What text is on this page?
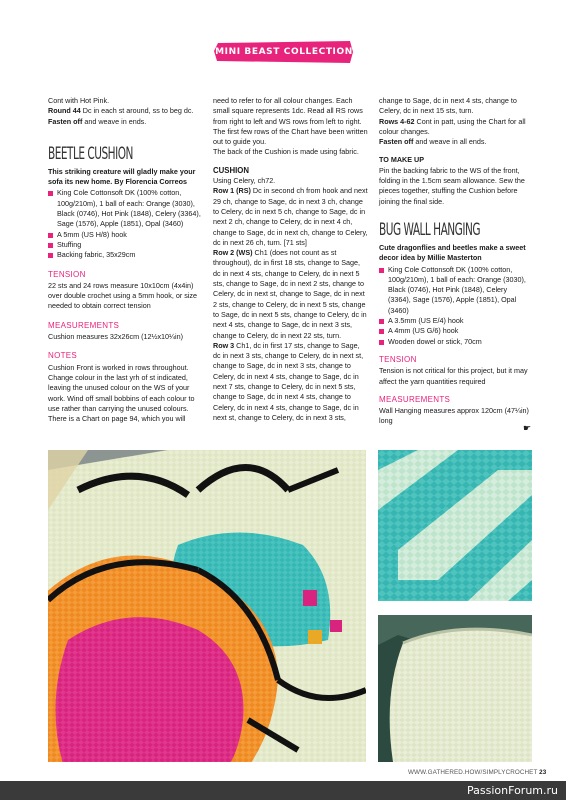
MINI BEAST COLLECTION

Cont with Hot Pink.

Round 44 Dc in each st around, ss to beg dc.

Fasten off and weave in ends.

BEETLE CUSHION

This striking creature will gladly make your sofa its new home. By Florencia Correos

King Cole Cottonsoft DK (100% cotton, 100g/210m), 1 ball of each: Orange (3030), Black (0746), Hot Pink (1848), Celery (3364), Sage (1576), Apple (1851), Opal (3460)
A 5mm (US H/8) hook
Stuffing
Backing fabric, 35x29cm
TENSION

22 sts and 24 rows measure 10x10cm (4x4in) over double crochet using a 5mm hook, or size needed to obtain correct tension

MEASUREMENTS

Cushion measures 32x26cm (12½x10¼in)

NOTES

Cushion Front is worked in rows throughout. Change colour in the last yrh of st indicated, leaving the unused colour on the WS of your work. Wind off small bobbins of each colour to use rather than carrying the unused colours. There is a Chart on page 94, which you will

need to refer to for all colour changes. Each small square represents 1dc. Read all RS rows from right to left and WS rows from left to right. The first few rows of the Chart have been written out to guide you.

The back of the Cushion is made using fabric.

CUSHION

Using Celery, ch72.

Row 1 (RS) Dc in second ch from hook and next 29 ch, change to Sage, dc in next 3 ch, change to Celery, dc in next 5 ch, change to Sage, dc in next 2 ch, change to Celery, dc in next 4 ch, change to Sage, dc in next ch, change to Celery, dc in next 26 ch, turn. [71 sts]

Row 2 (WS) Ch1 (does not count as st throughout), dc in first 18 sts, change to Sage, dc in next 4 sts, change to Celery, dc in next 5 sts, change to Sage, dc in next 2 sts, change to Celery, dc in next st, change to Sage, dc in next 2 sts, change to Celery, dc in next 5 sts, change to Sage, dc in next 5 sts, change to Celery, dc in next 4 sts, change to Sage, dc in next 3 sts, change to Celery, dc in next 22 sts, turn.

Row 3 Ch1, dc in first 17 sts, change to Sage, dc in next 3 sts, change to Celery, dc in next st, change to Sage, dc in next 3 sts, change to Celery, dc in next 4 sts, change to Sage, dc in next 7 sts, change to Celery, dc in next 5 sts, change to Sage, dc in next 4 sts, change to Celery, dc in next 4 sts, change to Sage, dc in next st, change to Celery, dc in next 3 sts,

change to Sage, dc in next 4 sts, change to Celery, dc in next 15 sts, turn.

Rows 4-62 Cont in patt, using the Chart for all colour changes.

Fasten off and weave in all ends.

TO MAKE UP

Pin the backing fabric to the WS of the front, folding in the 1.5cm seam allowance. Sew the pieces together, stuffing the Cushion before joining the final side.

BUG WALL HANGING

Cute dragonflies and beetles make a sweet decor idea by Millie Masterton

King Cole Cottonsoft DK (100% cotton, 100g/210m), 1 ball of each: Orange (3030), Black (0746), Hot Pink (1848), Celery (3364), Sage (1576), Apple (1851), Opal (3460)
A 3.5mm (US E/4) hook
A 4mm (US G/6) hook
Wooden dowel or stick, 70cm
TENSION

Tension is not critical for this project, but it may affect the yarn quantities required

MEASUREMENTS

Wall Hanging measures approx 120cm (47¼in) long

☛
WWW.GATHERED.HOW/SIMPLYCROCHET 23
PassionForum.ru
